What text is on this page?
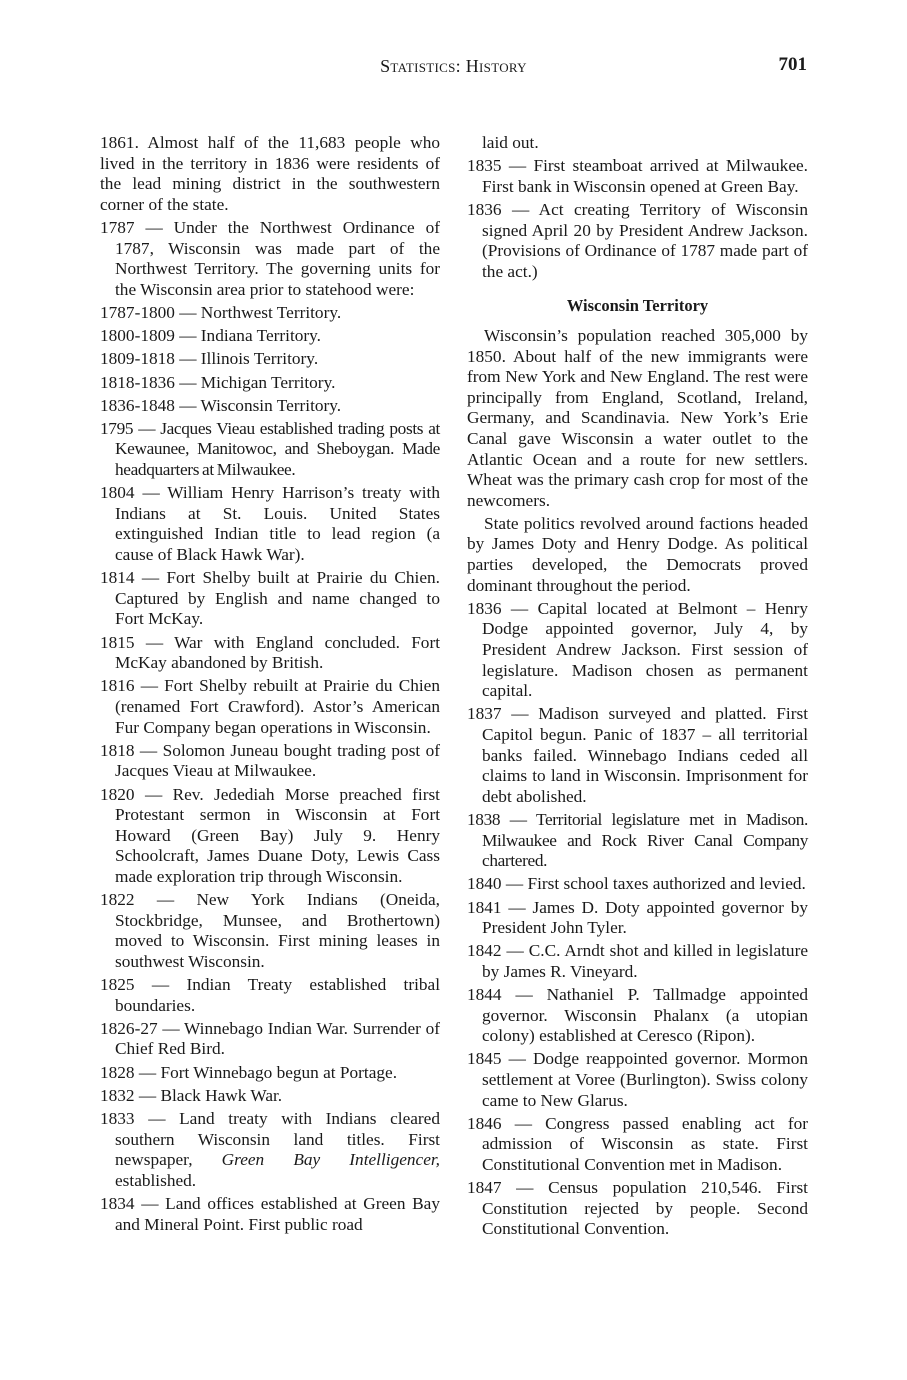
Statistics: History	701

1861. Almost half of the 11,683 people who lived in the territory in 1836 were residents of the lead mining district in the southwestern corner of the state.

1787 — Under the Northwest Ordinance of 1787, Wisconsin was made part of the Northwest Territory. The governing units for the Wisconsin area prior to statehood were:

1787-1800 — Northwest Territory.

1800-1809 — Indiana Territory.

1809-1818 — Illinois Territory.

1818-1836 — Michigan Territory.

1836-1848 — Wisconsin Territory.

1795 — Jacques Vieau established trading posts at Kewaunee, Manitowoc, and Sheboygan. Made headquarters at Milwaukee.

1804 — William Henry Harrison’s treaty with Indians at St. Louis. United States extinguished Indian title to lead region (a cause of Black Hawk War).

1814 — Fort Shelby built at Prairie du Chien. Captured by English and name changed to Fort McKay.

1815 — War with England concluded. Fort McKay abandoned by British.

1816 — Fort Shelby rebuilt at Prairie du Chien (renamed Fort Crawford). Astor’s American Fur Company began operations in Wisconsin.

1818 — Solomon Juneau bought trading post of Jacques Vieau at Milwaukee.

1820 — Rev. Jedediah Morse preached first Protestant sermon in Wisconsin at Fort Howard (Green Bay) July 9. Henry Schoolcraft, James Duane Doty, Lewis Cass made exploration trip through Wisconsin.

1822 — New York Indians (Oneida, Stockbridge, Munsee, and Brothertown) moved to Wisconsin. First mining leases in southwest Wisconsin.

1825 — Indian Treaty established tribal boundaries.

1826-27 — Winnebago Indian War. Surrender of Chief Red Bird.

1828 — Fort Winnebago begun at Portage.

1832 — Black Hawk War.

1833 — Land treaty with Indians cleared southern Wisconsin land titles. First newspaper, Green Bay Intelligencer, established.

1834 — Land offices established at Green Bay and Mineral Point. First public road

laid out.

1835 — First steamboat arrived at Milwaukee. First bank in Wisconsin opened at Green Bay.

1836 — Act creating Territory of Wisconsin signed April 20 by President Andrew Jackson. (Provisions of Ordinance of 1787 made part of the act.)

Wisconsin Territory

Wisconsin’s population reached 305,000 by 1850. About half of the new immigrants were from New York and New England. The rest were principally from England, Scotland, Ireland, Germany, and Scandinavia. New York’s Erie Canal gave Wisconsin a water outlet to the Atlantic Ocean and a route for new settlers. Wheat was the primary cash crop for most of the newcomers.

State politics revolved around factions headed by James Doty and Henry Dodge. As political parties developed, the Democrats proved dominant throughout the period.

1836 — Capital located at Belmont – Henry Dodge appointed governor, July 4, by President Andrew Jackson. First session of legislature. Madison chosen as permanent capital.

1837 — Madison surveyed and platted. First Capitol begun. Panic of 1837 – all territorial banks failed. Winnebago Indians ceded all claims to land in Wisconsin. Imprisonment for debt abolished.

1838 — Territorial legislature met in Madison. Milwaukee and Rock River Canal Company chartered.

1840 — First school taxes authorized and levied.

1841 — James D. Doty appointed governor by President John Tyler.

1842 — C.C. Arndt shot and killed in legislature by James R. Vineyard.

1844 — Nathaniel P. Tallmadge appointed governor. Wisconsin Phalanx (a utopian colony) established at Ceresco (Ripon).

1845 — Dodge reappointed governor. Mormon settlement at Voree (Burlington). Swiss colony came to New Glarus.

1846 — Congress passed enabling act for admission of Wisconsin as state. First Constitutional Convention met in Madison.

1847 — Census population 210,546. First Constitution rejected by people. Second Constitutional Convention.
